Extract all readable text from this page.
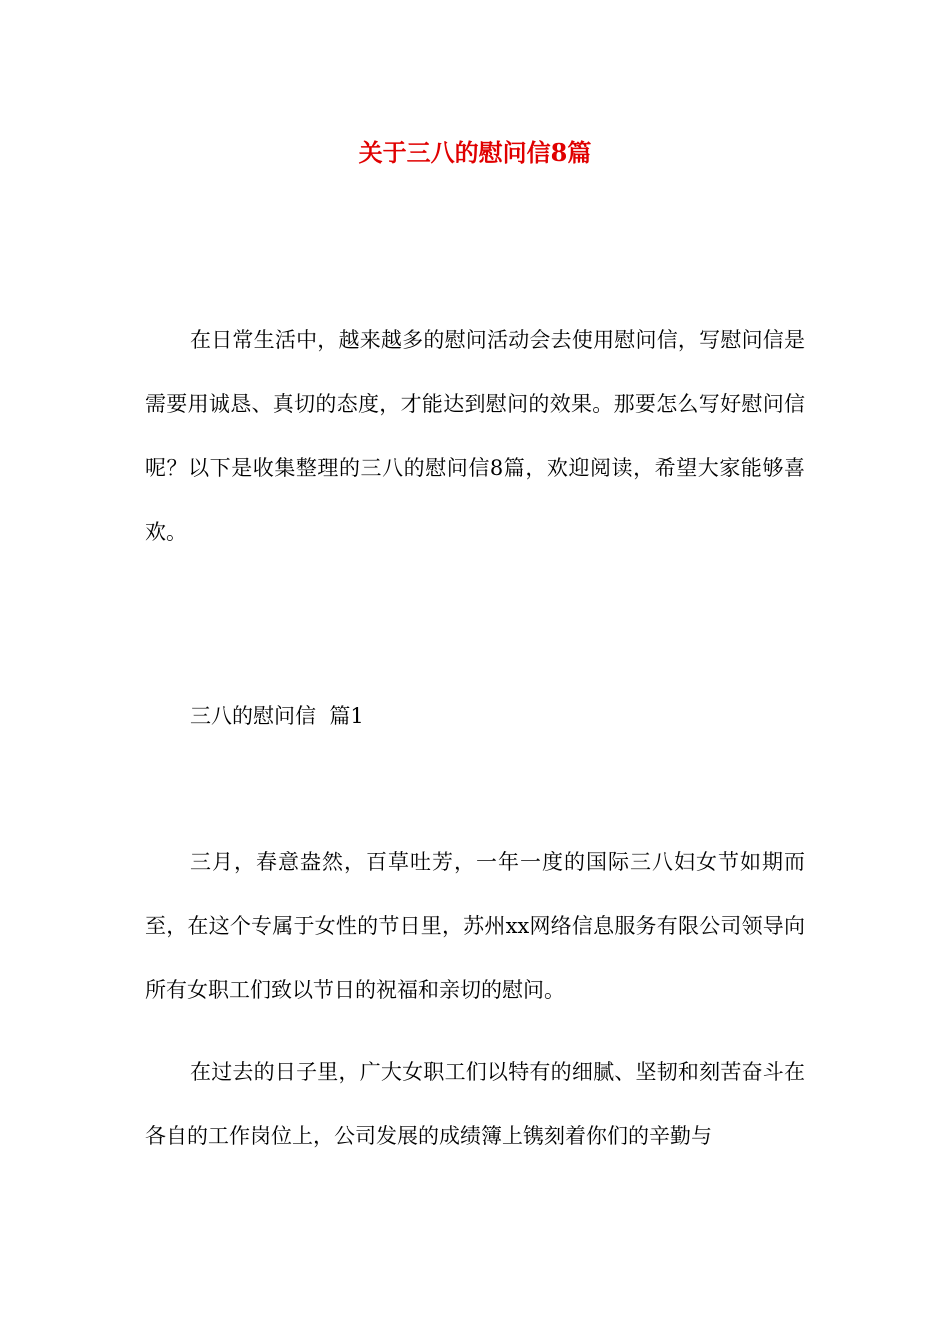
关于三八的慰问信8篇

在日常生活中，越来越多的慰问活动会去使用慰问信，写慰问信是需要用诚恳、真切的态度，才能达到慰问的效果。那要怎么写好慰问信呢？以下是收集整理的三八的慰问信8篇，欢迎阅读，希望大家能够喜欢。

三八的慰问信  篇1

三月，春意盎然，百草吐芳，一年一度的国际三八妇女节如期而至，在这个专属于女性的节日里，苏州xx网络信息服务有限公司领导向所有女职工们致以节日的祝福和亲切的慰问。

在过去的日子里，广大女职工们以特有的细腻、坚韧和刻苦奋斗在各自的工作岗位上，公司发展的成绩簿上镌刻着你们的辛勤与
